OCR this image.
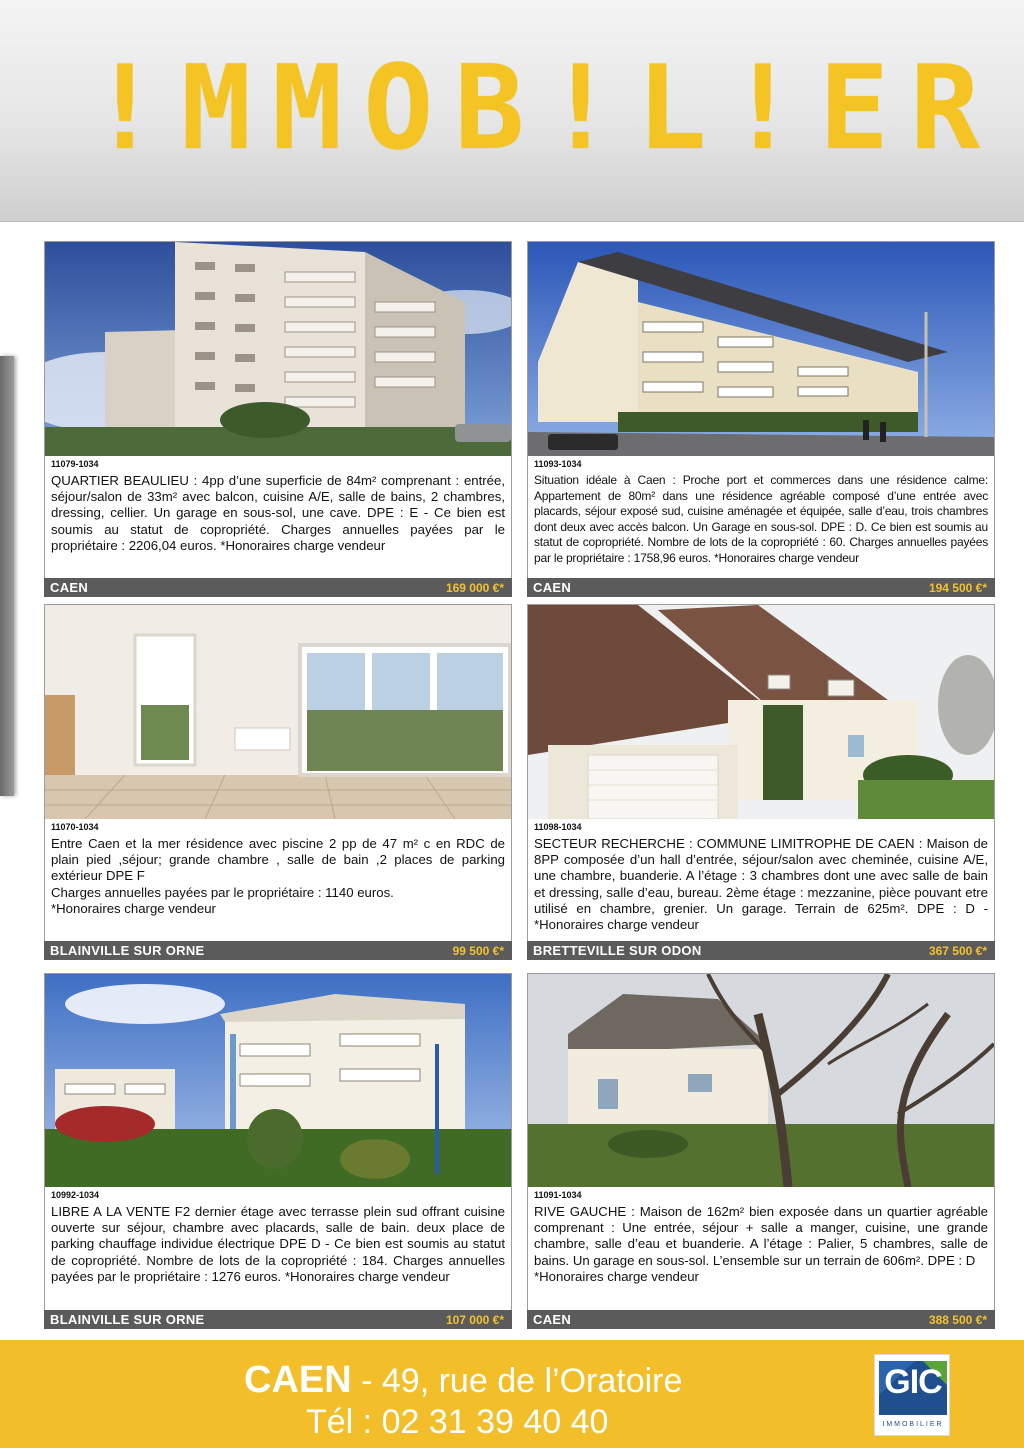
! M M O B ! L ! E R
11079-1034
QUARTIER BEAULIEU : 4pp d’une superficie de 84m² comprenant : entrée, séjour/salon de 33m² avec balcon, cuisine A/E, salle de bains, 2 chambres, dressing, cellier. Un garage en sous-sol, une cave. DPE : E - Ce bien est soumis au statut de copropriété. Charges annuelles payées par le propriétaire : 2206,04 euros. *Honoraires charge vendeur
CAEN	169 000 €*
11093-1034
Situation idéale à Caen : Proche port et commerces dans une résidence calme: Appartement de 80m² dans une résidence agréable composé d’une entrée avec placards, séjour exposé sud, cuisine aménagée et équipée, salle d’eau, trois chambres dont deux avec accès balcon. Un Garage en sous-sol. DPE : D. Ce bien est soumis au statut de copropriété. Nombre de lots de la copropriété : 60. Charges annuelles payées par le propriétaire : 1758,96 euros. *Honoraires charge vendeur
CAEN	194 500 €*
11070-1034
Entre Caen et la mer résidence avec piscine 2 pp de 47 m² c en RDC de plain pied ,séjour; grande chambre , salle de bain ,2 places de parking extérieur DPE F
Charges annuelles payées par le propriétaire : 1140 euros.
*Honoraires charge vendeur
BLAINVILLE SUR ORNE	99 500 €*
11098-1034
SECTEUR RECHERCHE : COMMUNE LIMITROPHE DE CAEN : Maison de 8PP composée d’un hall d’entrée, séjour/salon avec cheminée, cuisine A/E, une chambre, buanderie. A l’étage : 3 chambres dont une avec salle de bain et dressing, salle d’eau, bureau. 2ème étage : mezzanine, pièce pouvant etre utilisé en chambre, grenier. Un garage. Terrain de 625m². DPE : D - *Honoraires charge vendeur
BRETTEVILLE SUR ODON	367 500 €*
10992-1034
LIBRE A LA VENTE F2 dernier étage avec terrasse plein sud offrant cuisine ouverte sur séjour, chambre avec placards, salle de bain. deux place de parking chauffage individue électrique DPE D - Ce bien est soumis au statut de copropriété. Nombre de lots de la copropriété : 184. Charges annuelles payées par le propriétaire : 1276 euros. *Honoraires charge vendeur
BLAINVILLE SUR ORNE	107 000 €*
11091-1034
RIVE GAUCHE : Maison de 162m² bien exposée dans un quartier agréable comprenant : Une entrée, séjour + salle a manger, cuisine, une grande chambre, salle d’eau et buanderie. A l’étage : Palier, 5 chambres, salle de bains. Un garage en sous-sol. L’ensemble sur un terrain de 606m². DPE : D
*Honoraires charge vendeur
CAEN	388 500 €*
CAEN - 49, rue de l’Oratoire
Tél : 02 31 39 40 40
GIC
IMMOBILIER
